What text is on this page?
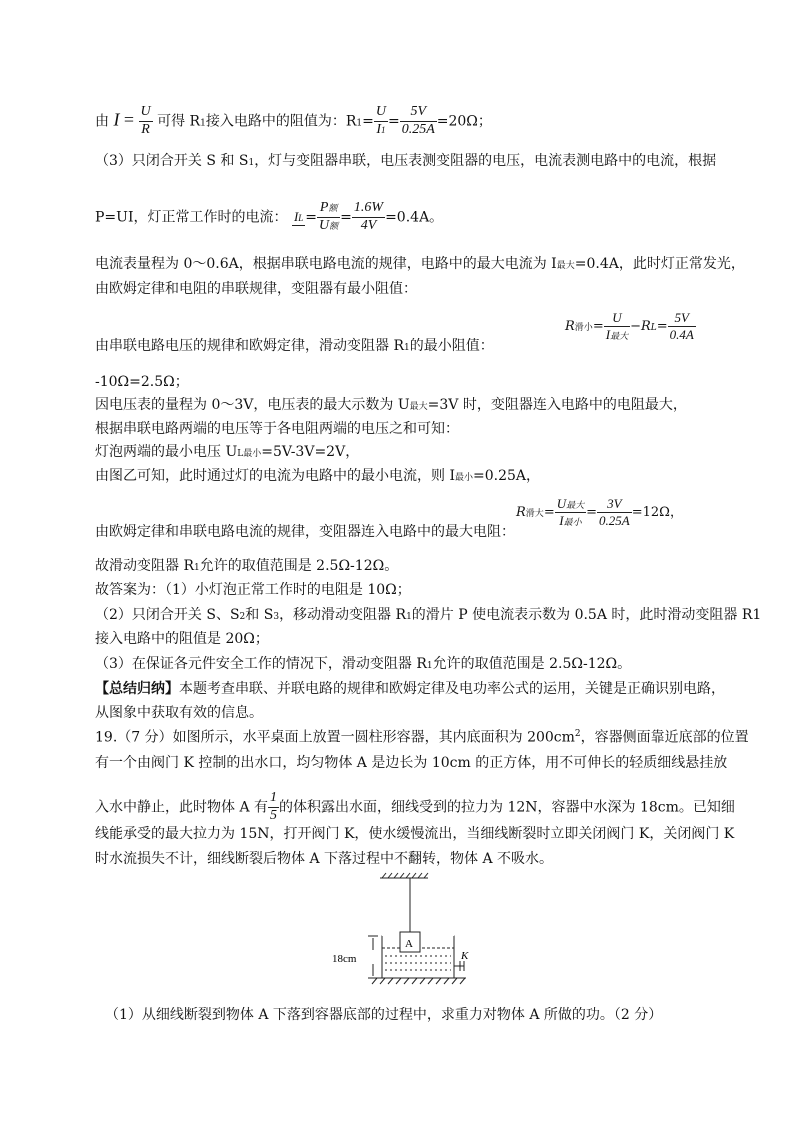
由 $I = \frac{U}{R}$ 可得 R1接入电路中的阻值为：$R1= \frac{U}{I1} = \frac{5V}{0.25A} =20\Omega$；
（3）只闭合开关 S 和 S1，灯与变阻器串联，电压表测变阻器的电压，电流表测电路中的电流，根据
P=UI，灯正常工作时的电流： IL = $\frac{\text{P额}}{\text{U额}} = \frac{1.6W}{4V} =0.4A$。
电流表量程为 0～0.6A，根据串联电路电流的规律，电路中的最大电流为 I最大=0.4A，此时灯正常发光，
由欧姆定律和电阻的串联规律，变阻器有最小阻值：
由串联电路电压的规律和欧姆定律，滑动变阻器 R1的最小阻值：
R滑小= $\frac{U}{\text{I最大}} -RL= \frac{5V}{0.4A}$
-10Ω=2.5Ω；
因电压表的量程为 0～3V，电压表的最大示数为 U最大=3V 时，变阻器连入电路中的电阻最大，
根据串联电路两端的电压等于各电阻两端的电压之和可知：
灯泡两端的最小电压 UL最小=5V-3V=2V，
由图乙可知，此时通过灯的电流为电路中的最小电流，则 I最小=0.25A，
由欧姆定律和串联电路电流的规律，变阻器连入电路中的最大电阻：
R滑大= $\frac{\text{U最大}}{\text{I最小}} = \frac{3V}{0.25A} =12\Omega$，
故滑动变阻器 R1允许的取值范围是 2.5Ω-12Ω。
故答案为：（1）小灯泡正常工作时的电阻是 10Ω；
（2）只闭合开关 S、S2和 S3，移动滑动变阻器 R1的滑片 P 使电流表示数为 0.5A 时，此时滑动变阻器 R1
接入电路中的阻值是 20Ω；
（3）在保证各元件安全工作的情况下，滑动变阻器 R1允许的取值范围是 2.5Ω-12Ω。
【总结归纳】本题考查串联、并联电路的规律和欧姆定律及电功率公式的运用，关键是正确识别电路，
从图象中获取有效的信息。
19.（7 分）如图所示，水平桌面上放置一圆柱形容器，其内底面积为 $200cm^2$，容器侧面靠近底部的位置
有一个由阀门 K 控制的出水口，均匀物体 A 是边长为 10cm 的正方体，用不可伸长的轻质细线悬挂放
入水中静止，此时物体 A 有 $\frac{1}{5}$ 的体积露出水面，细线受到的拉力为 12N，容器中水深为 18cm。已知细
线能承受的最大拉力为 15N，打开阀门 K，使水缓慢流出，当细线断裂时立即关闭阀门 K，关闭阀门 K
时水流损失不计，细线断裂后物体 A 下落过程中不翻转，物体 A 不吸水。
A
18cm	K
（1）从细线断裂到物体 A 下落到容器底部的过程中，求重力对物体 A 所做的功。（2 分）
